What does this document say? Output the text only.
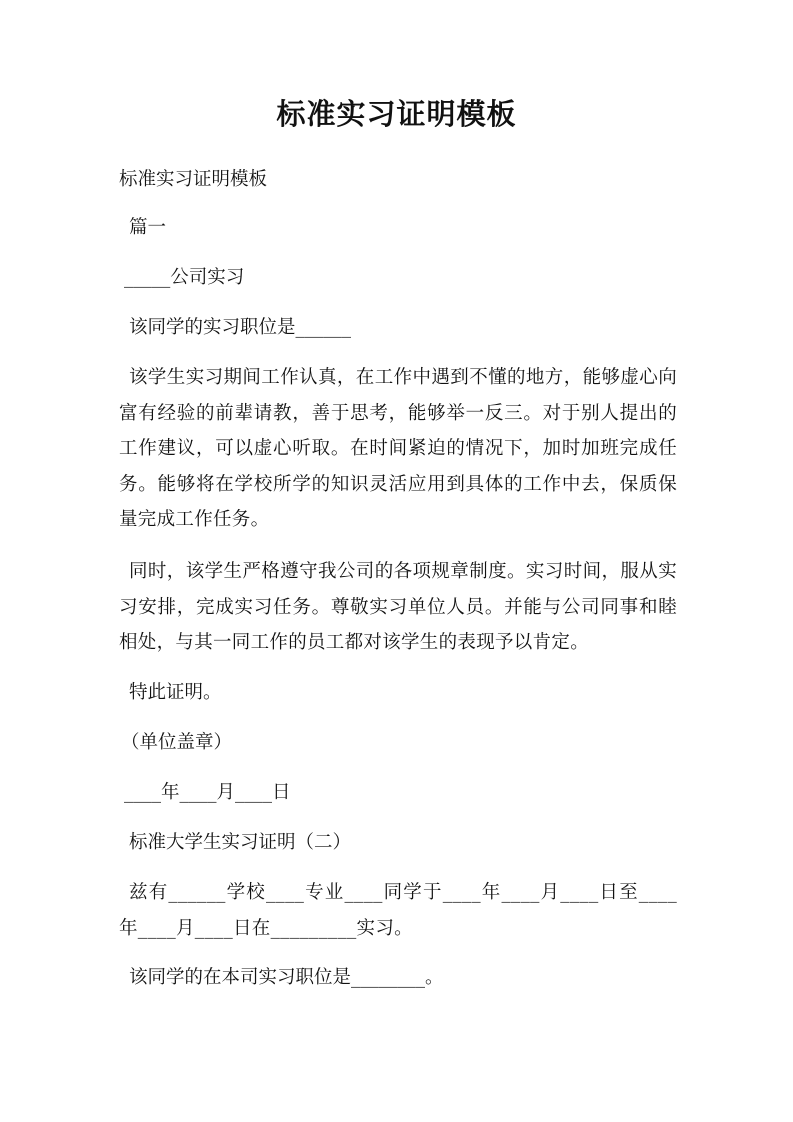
标准实习证明模板
标准实习证明模板
篇一
_____公司实习
该同学的实习职位是______
该学生实习期间工作认真，在工作中遇到不懂的地方，能够虚心向富有经验的前辈请教，善于思考，能够举一反三。对于别人提出的工作建议，可以虚心听取。在时间紧迫的情况下，加时加班完成任务。能够将在学校所学的知识灵活应用到具体的工作中去，保质保量完成工作任务。
同时，该学生严格遵守我公司的各项规章制度。实习时间，服从实习安排，完成实习任务。尊敬实习单位人员。并能与公司同事和睦相处，与其一同工作的员工都对该学生的表现予以肯定。
特此证明。
（单位盖章）
____年____月____日
标准大学生实习证明（二）
兹有______学校____专业____同学于____年____月____日至____年____月____日在_________实习。
该同学的在本司实习职位是________。
